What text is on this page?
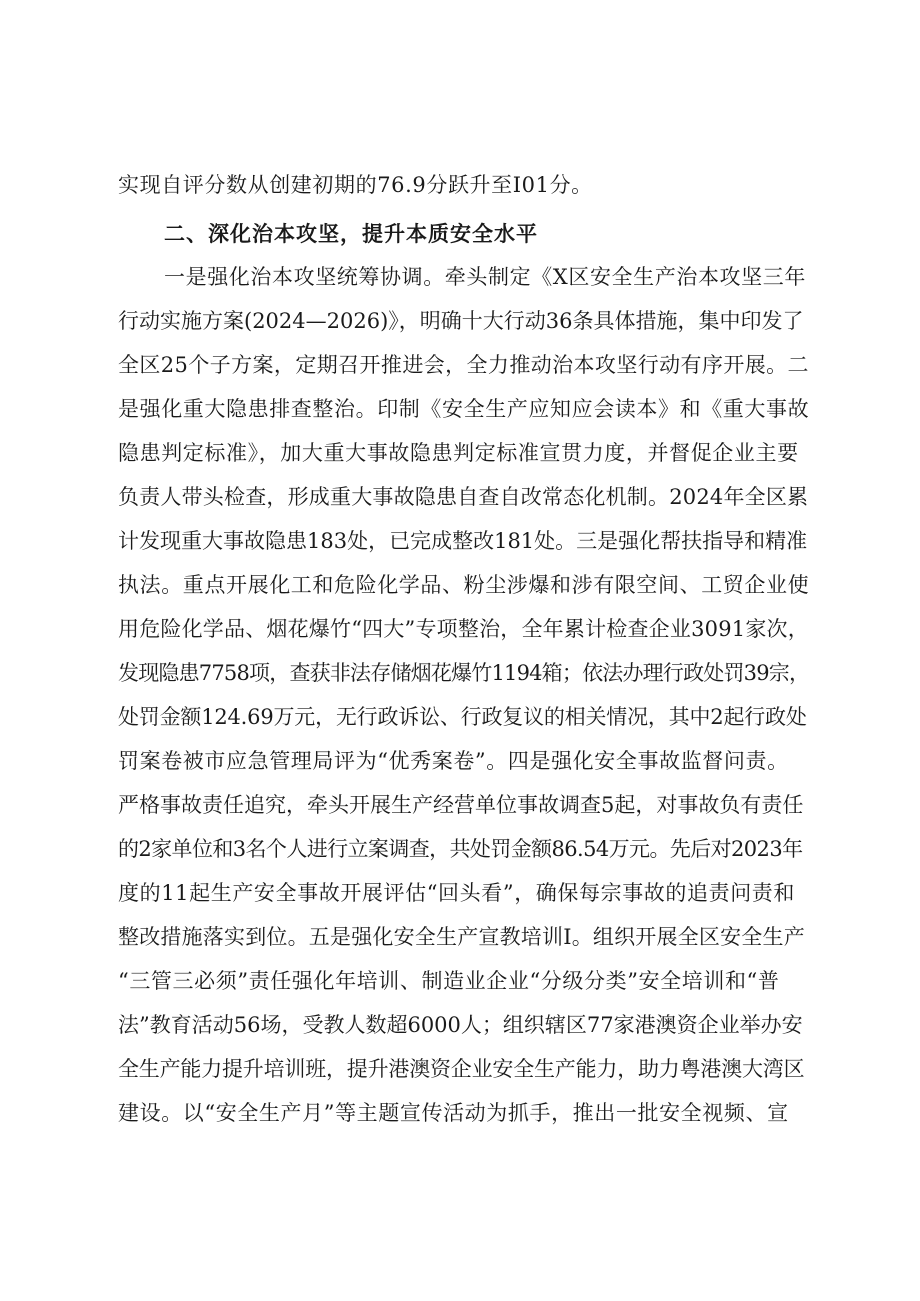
实现自评分数从创建初期的76.9分跃升至I01分。
二、深化治本攻坚，提升本质安全水平
一是强化治本攻坚统筹协调。牵头制定《X区安全生产治本攻坚三年
行动实施方案(2024—2026)》，明确十大行动36条具体措施，集中印发了
全区25个子方案，定期召开推进会，全力推动治本攻坚行动有序开展。二
是强化重大隐患排查整治。印制《安全生产应知应会读本》和《重大事故
隐患判定标准》，加大重大事故隐患判定标准宣贯力度，并督促企业主要
负责人带头检查，形成重大事故隐患自查自改常态化机制。2024年全区累
计发现重大事故隐患183处，已完成整改181处。三是强化帮扶指导和精准
执法。重点开展化工和危险化学品、粉尘涉爆和涉有限空间、工贸企业使
用危险化学品、烟花爆竹“四大”专项整治，全年累计检查企业3091家次，
发现隐患7758项，查获非法存储烟花爆竹1194箱；依法办理行政处罚39宗，
处罚金额124.69万元，无行政诉讼、行政复议的相关情况，其中2起行政处
罚案卷被市应急管理局评为“优秀案卷”。四是强化安全事故监督问责。
严格事故责任追究，牵头开展生产经营单位事故调查5起，对事故负有责任
的2家单位和3名个人进行立案调查，共处罚金额86.54万元。先后对2023年
度的11起生产安全事故开展评估“回头看”，确保每宗事故的追责问责和
整改措施落实到位。五是强化安全生产宣教培训I。组织开展全区安全生产
“三管三必须”责任强化年培训、制造业企业“分级分类”安全培训和“普
法”教育活动56场，受教人数超6000人；组织辖区77家港澳资企业举办安
全生产能力提升培训班，提升港澳资企业安全生产能力，助力粤港澳大湾区
建设。以“安全生产月”等主题宣传活动为抓手，推出一批安全视频、宣
